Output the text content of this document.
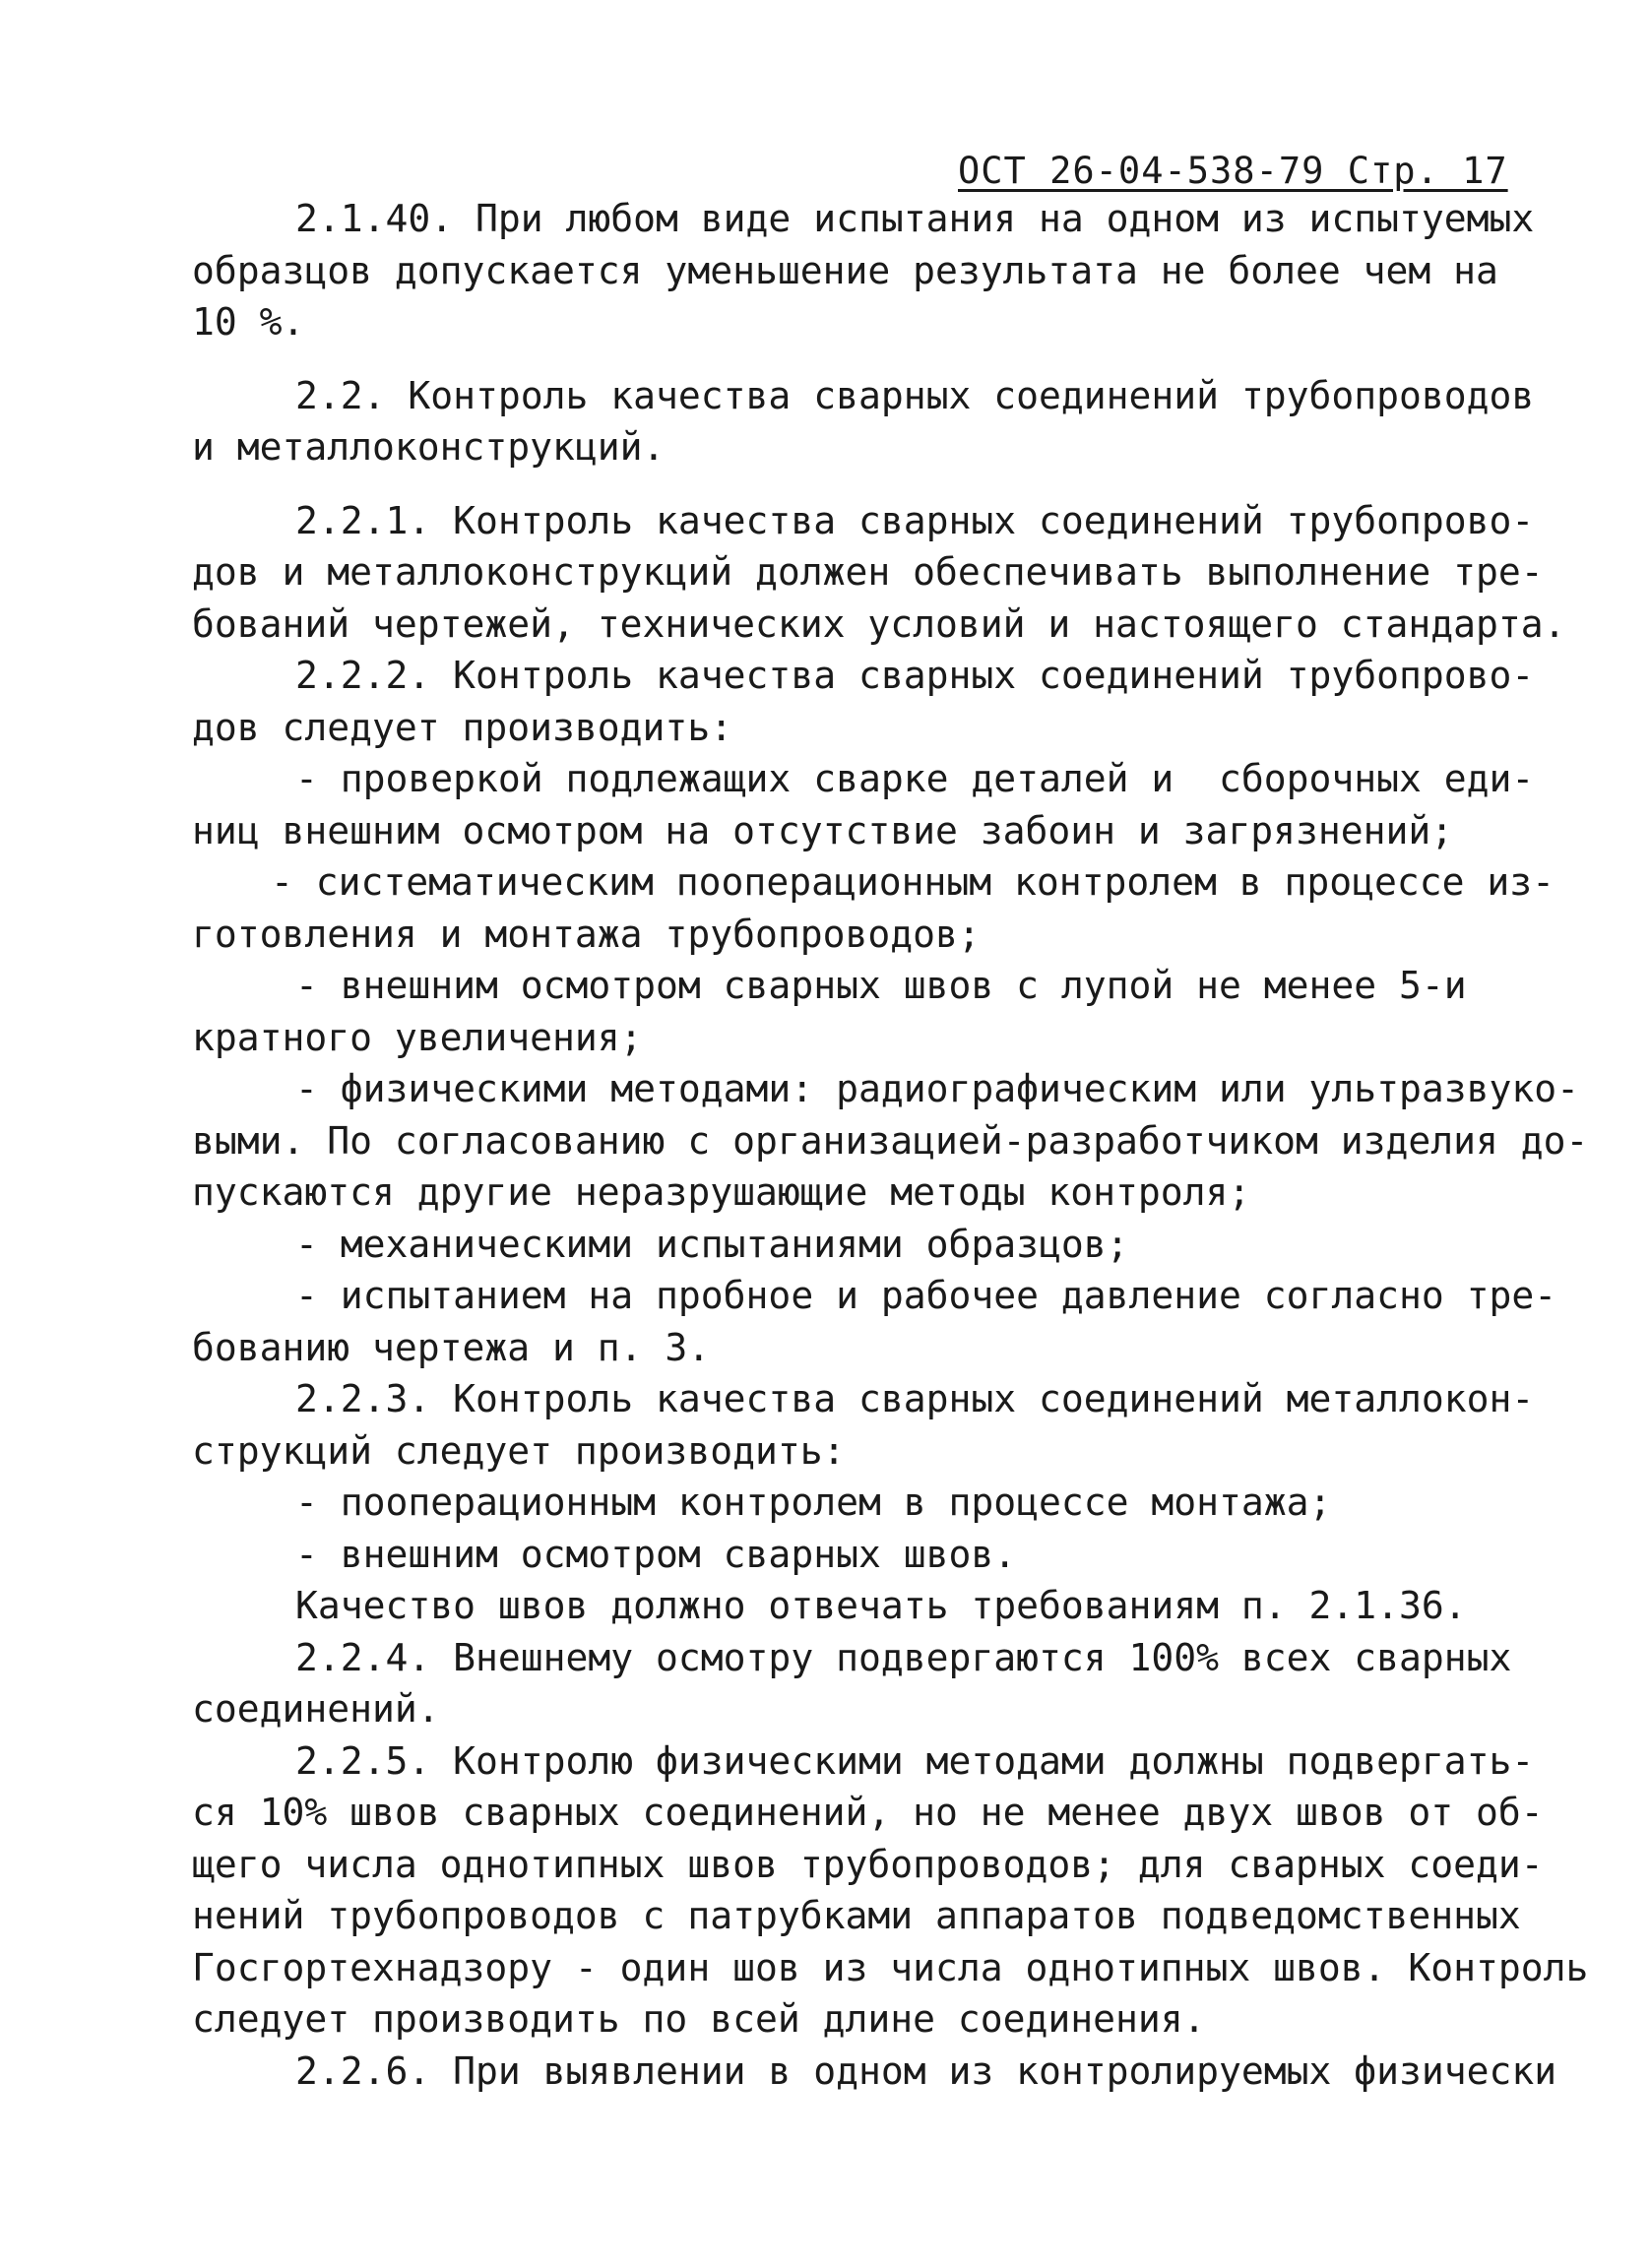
ОСТ 26-04-538-79 Стр. 17
2.1.40. При любом виде испытания на одном из испытуемых
образцов допускается уменьшение результата не более чем на
10 %.
2.2. Контроль качества сварных соединений трубопроводов
и металлоконструкций.
2.2.1. Контроль качества сварных соединений трубопрово-
дов и металлоконструкций должен обеспечивать выполнение тре-
бований чертежей, технических условий и настоящего стандарта.
2.2.2. Контроль качества сварных соединений трубопрово-
дов следует производить:
- проверкой подлежащих сварке деталей и  сборочных еди-
ниц внешним осмотром на отсутствие забоин и загрязнений;
- систематическим пооперационным контролем в процессе из-
готовления и монтажа трубопроводов;
- внешним осмотром сварных швов с лупой не менее 5-и
кратного увеличения;
- физическими методами: радиографическим или ультразвуко-
выми. По согласованию с организацией-разработчиком изделия до-
пускаются другие неразрушающие методы контроля;
- механическими испытаниями образцов;
- испытанием на пробное и рабочее давление согласно тре-
бованию чертежа и п. 3.
2.2.3. Контроль качества сварных соединений металлокон-
струкций следует производить:
- пооперационным контролем в процессе монтажа;
- внешним осмотром сварных швов.
Качество швов должно отвечать требованиям п. 2.1.36.
2.2.4. Внешнему осмотру подвергаются 100% всех сварных
соединений.
2.2.5. Контролю физическими методами должны подвергать-
ся 10% швов сварных соединений, но не менее двух швов от об-
щего числа однотипных швов трубопроводов; для сварных соеди-
нений трубопроводов с патрубками аппаратов подведомственных
Госгортехнадзору - один шов из числа однотипных швов. Контроль
следует производить по всей длине соединения.
2.2.6. При выявлении в одном из контролируемых физически
